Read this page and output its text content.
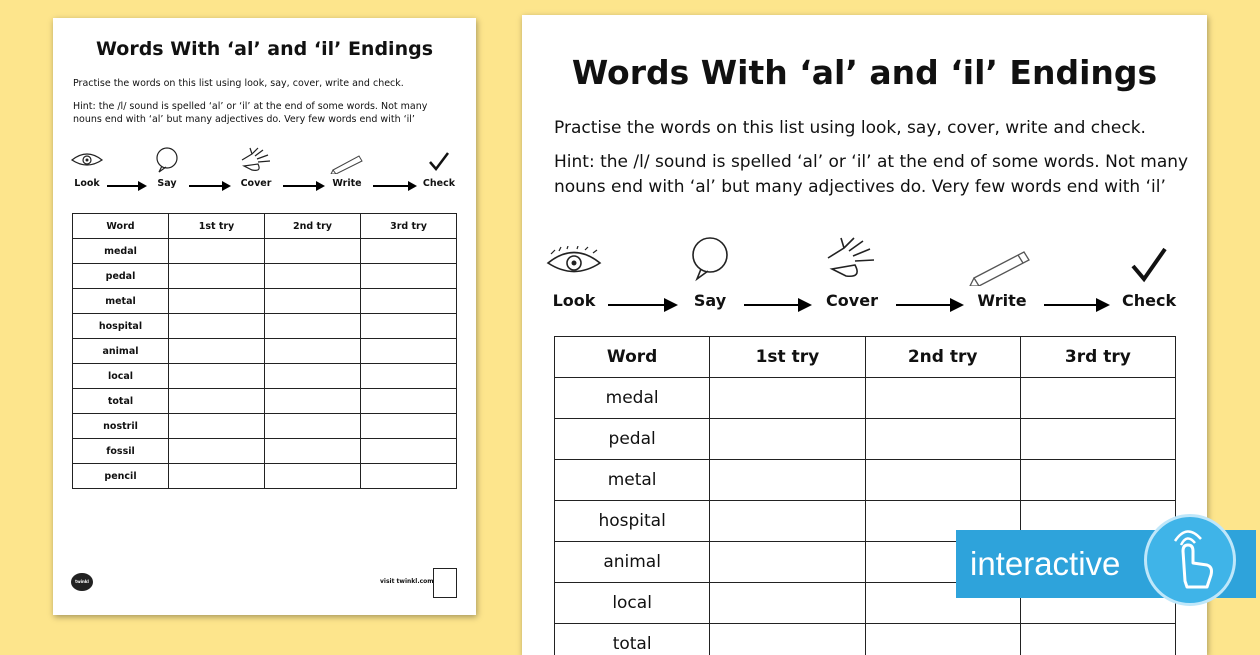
Words With ‘al’ and ‘il’ Endings
Practise the words on this list using look, say, cover, write and check.
Hint: the /l/ sound is spelled ‘al’ or ‘il’ at the end of some words. Not many
nouns end with ‘al’ but many adjectives do. Very few words end with ‘il’
Look	Say	Cover	Write	Check
Word	1st try	2nd try	3rd try
medal			
pedal			
metal			
hospital			
animal			
local			
total			
nostril			
fossil			
pencil			
twinkl go!
visit twinkl.com
Words With ‘al’ and ‘il’ Endings
Practise the words on this list using look, say, cover, write and check.
Hint: the /l/ sound is spelled ‘al’ or ‘il’ at the end of some words. Not many
nouns end with ‘al’ but many adjectives do. Very few words end with ‘il’
Look	Say	Cover	Write	Check
Word	1st try	2nd try	3rd try
medal			
pedal			
metal			
hospital			
animal			
local			
total			
interactive
